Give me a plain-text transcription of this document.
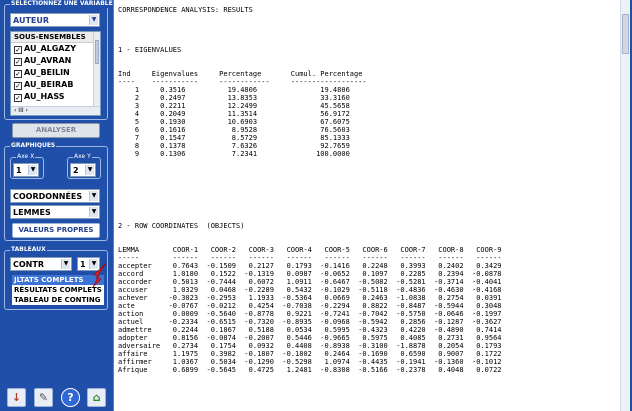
SÉLECTIONNEZ UNE VARIABLE
AUTEUR	▼
SOUS-ENSEMBLES
✓ AU_ALGAZY
✓ AU_AVRAN
✓ AU_BEILIN
✓ AU_BEIRAB
✓ AU_HASS
‹ III ›
ANALYSER
GRAPHIQUES
Axe X
1	▼
Axe Y
2	▼
COORDONNÉES	▼
LEMMES	▼
VALEURS PROPRES
TABLEAUX
CONTR	▼	1	▼
JLTATS COMPLETS
RÉSULTATS COMPLETS
TABLEAU DE CONTING
↓ ✎ ? ⌂
CORRESPONDENCE ANALYSIS: RESULTS

1 - EIGENVALUES

Ind     Eigenvalues     Percentage       Cumul. Percentage
----    -----------     ------------     ------------------
1     0.3516          19.4806               19.4806
2     0.2497          13.8353               33.3160
3     0.2211          12.2499               45.5658
4     0.2049          11.3514               56.9172
5     0.1930          10.6903               67.6075
6     0.1616           8.9528               76.5603
7     0.1547           8.5729               85.1333
8     0.1378           7.6326               92.7659
9     0.1306           7.2341              100.0000

2 - ROW COORDINATES  (OBJECTS)

LEMMA        COOR-1   COOR-2   COOR-3   COOR-4   COOR-5   COOR-6   COOR-7   COOR-8   COOR-9
-----        ------   ------   ------   ------   ------   ------   ------   ------   ------
accepter     0.7643  -0.1509   0.2127   0.1793  -0.1416   0.2248   0.3993   0.2402   0.3429
accord       1.0180   0.1522  -0.1319   0.0987  -0.0652   0.1097   0.2285   0.2394  -0.0878
accorder     0.5013  -0.7444   0.6072   1.0911  -0.6467  -0.5082  -0.5281  -0.3714  -0.4041
accuser      1.0329   0.0468  -0.2289   0.5432  -0.1029  -0.5118  -0.4836  -0.4630  -0.4168
achever     -0.3023  -0.2953   1.1933  -0.5364   0.0669   0.2463  -1.0838   0.2754   0.0391
acte        -0.0767  -0.0212   0.4254  -0.7038  -0.2294   0.8822  -0.8487  -0.5944   0.3048
action       0.0009  -0.5640  -0.8778   0.9221  -0.7241  -0.7042  -0.5750  -0.0646  -0.1997
actuel      -0.2334  -0.6515  -0.7320  -0.8935  -0.0968  -0.5942   0.2856  -0.1287  -0.3627
admettre     0.2244   0.1867   0.5188   0.0534   0.5995  -0.4323   0.4220  -0.4890   0.7414
adopter      0.8156  -0.0874  -0.2007   0.5446  -0.9665   0.5975   0.4085   0.2731   0.9564
adversaire   0.2734   0.1754   0.0932   0.4408  -0.8938  -0.3100  -1.8878   0.2054   0.1793
affaire      1.1975   0.3982  -0.1807  -0.1802   0.2464  -0.1690   0.6590   0.9007   0.1722
affirmer     1.0367   0.5034  -0.1290  -0.5298   1.0974  -0.4435  -0.1941  -0.1360  -0.1012
Afrique      0.6899  -0.5645   0.4725   1.2481  -0.8308  -0.5166  -0.2378   0.4048   0.0722
